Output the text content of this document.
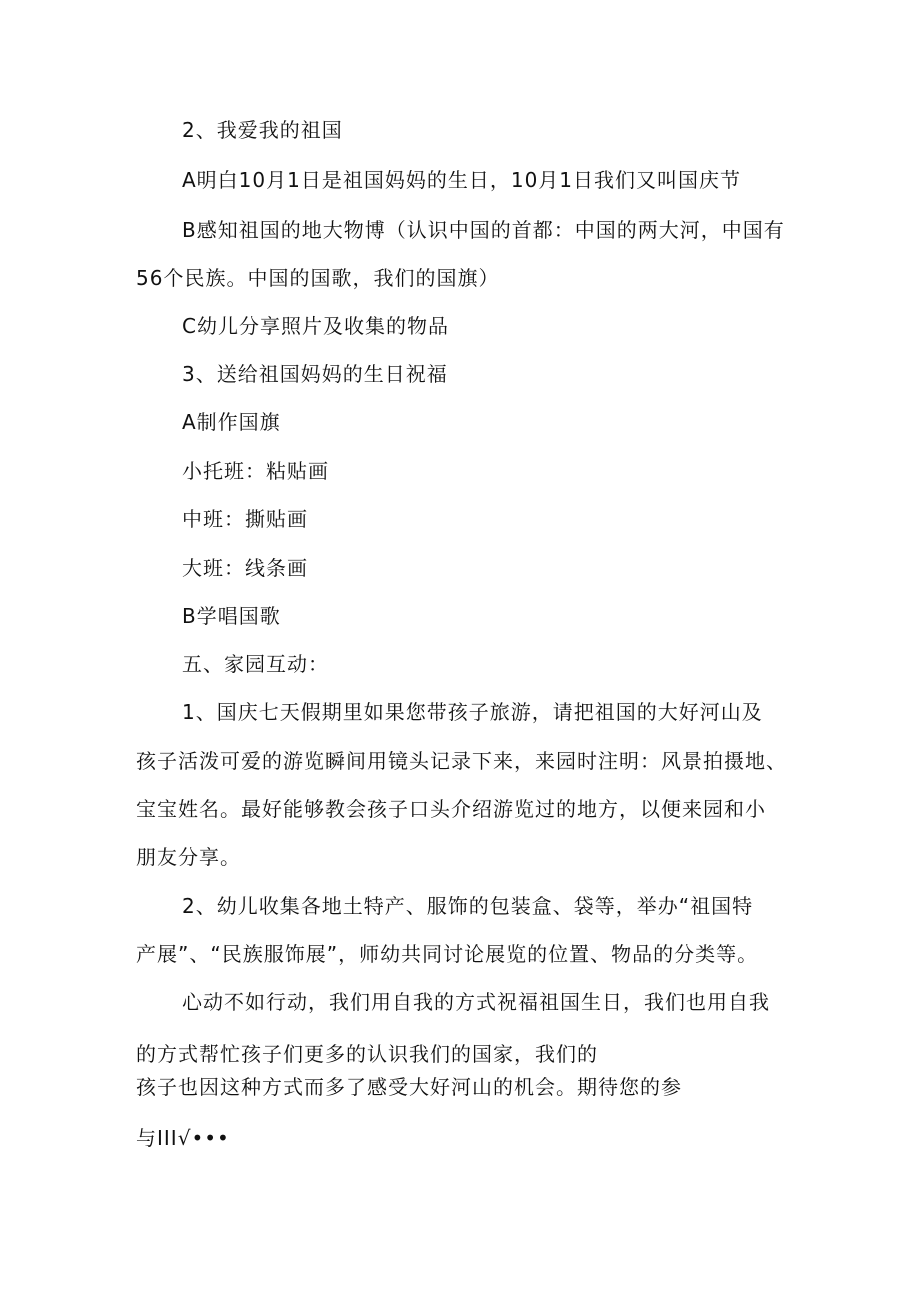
2、我爱我的祖国
A明白10月1日是祖国妈妈的生日，10月1日我们又叫国庆节
B感知祖国的地大物博（认识中国的首都：中国的两大河，中国有
56个民族。中国的国歌，我们的国旗）
C幼儿分享照片及收集的物品
3、送给祖国妈妈的生日祝福
A制作国旗
小托班：粘贴画
中班：撕贴画
大班：线条画
B学唱国歌
五、家园互动：
1、国庆七天假期里如果您带孩子旅游，请把祖国的大好河山及
孩子活泼可爱的游览瞬间用镜头记录下来，来园时注明：风景拍摄地、
宝宝姓名。最好能够教会孩子口头介绍游览过的地方，以便来园和小
朋友分享。
2、幼儿收集各地土特产、服饰的包装盒、袋等，举办“祖国特
产展”、“民族服饰展”，师幼共同讨论展览的位置、物品的分类等。
心动不如行动，我们用自我的方式祝福祖国生日，我们也用自我
的方式帮忙孩子们更多的认识我们的国家，我们的
孩子也因这种方式而多了感受大好河山的机会。期待您的参
与III√•••
